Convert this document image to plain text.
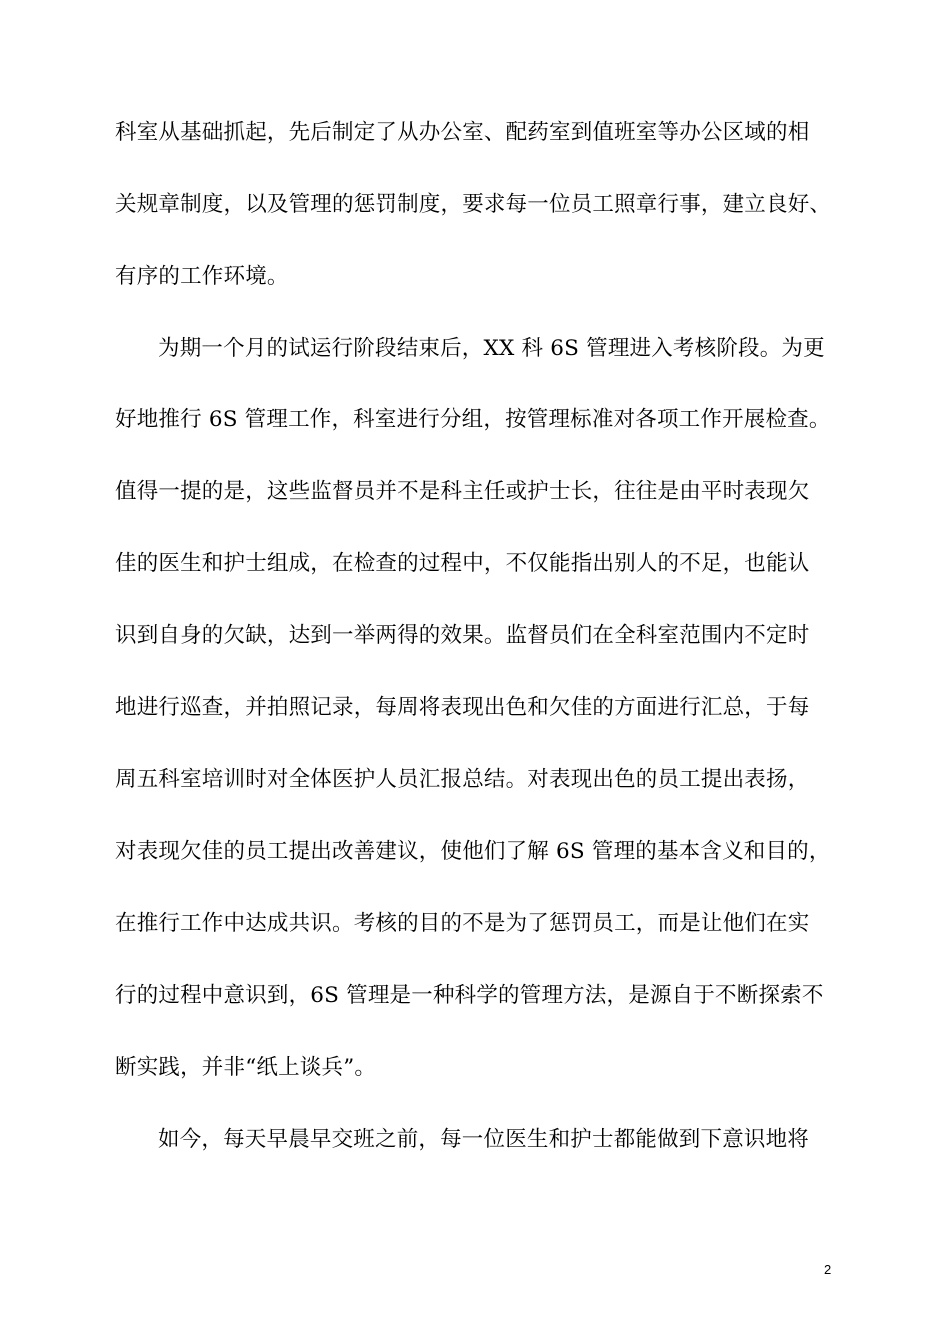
科室从基础抓起，先后制定了从办公室、配药室到值班室等办公区域的相
关规章制度，以及管理的惩罚制度，要求每一位员工照章行事，建立良好、
有序的工作环境。
为期一个月的试运行阶段结束后，XX 科 6S 管理进入考核阶段。为更
好地推行 6S 管理工作，科室进行分组，按管理标准对各项工作开展检查。
值得一提的是，这些监督员并不是科主任或护士长，往往是由平时表现欠
佳的医生和护士组成，在检查的过程中，不仅能指出别人的不足，也能认
识到自身的欠缺，达到一举两得的效果。监督员们在全科室范围内不定时
地进行巡查，并拍照记录，每周将表现出色和欠佳的方面进行汇总，于每
周五科室培训时对全体医护人员汇报总结。对表现出色的员工提出表扬，
对表现欠佳的员工提出改善建议，使他们了解 6S 管理的基本含义和目的，
在推行工作中达成共识。考核的目的不是为了惩罚员工，而是让他们在实
行的过程中意识到，6S 管理是一种科学的管理方法，是源自于不断探索不
断实践，并非“纸上谈兵”。
如今，每天早晨早交班之前，每一位医生和护士都能做到下意识地将
2
